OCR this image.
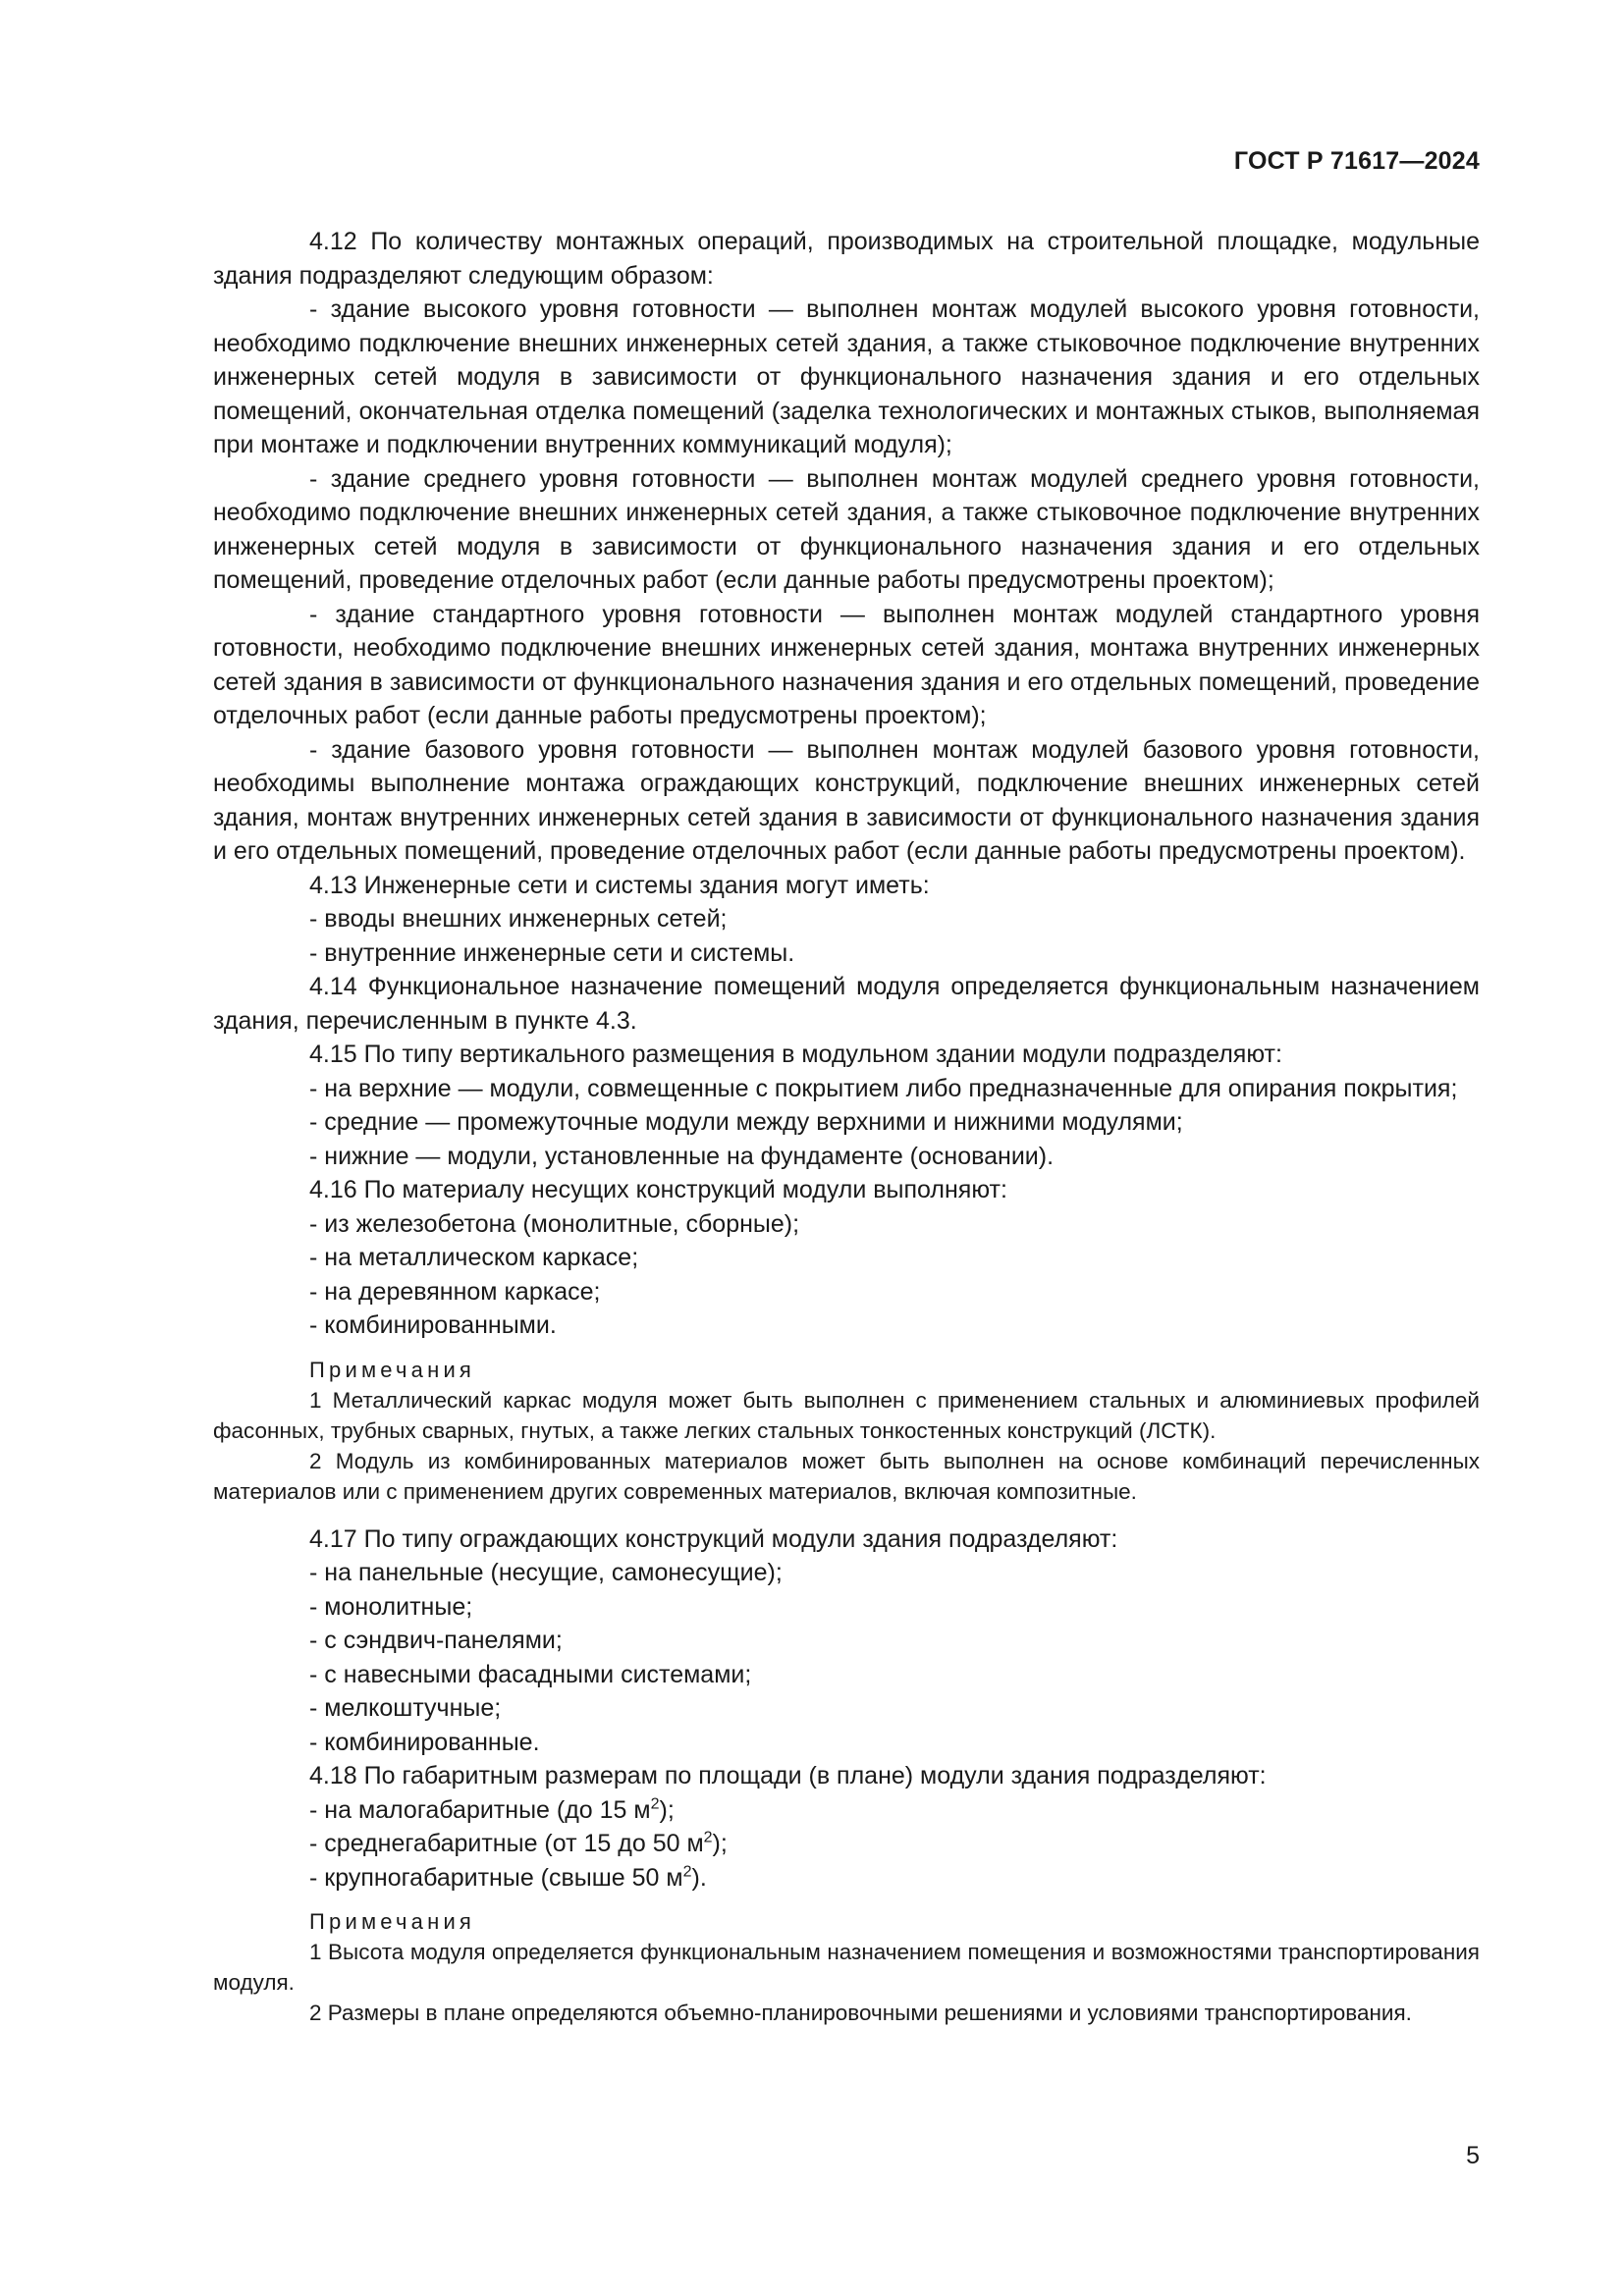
ГОСТ Р 71617—2024

4.12 По количеству монтажных операций, производимых на строительной площадке, модульные здания подразделяют следующим образом:

- здание высокого уровня готовности — выполнен монтаж модулей высокого уровня готовности, необходимо подключение внешних инженерных сетей здания, а также стыковочное подключение внутренних инженерных сетей модуля в зависимости от функционального назначения здания и его отдельных помещений, окончательная отделка помещений (заделка технологических и монтажных стыков, выполняемая при монтаже и подключении внутренних коммуникаций модуля);

- здание среднего уровня готовности — выполнен монтаж модулей среднего уровня готовности, необходимо подключение внешних инженерных сетей здания, а также стыковочное подключение внутренних инженерных сетей модуля в зависимости от функционального назначения здания и его отдельных помещений, проведение отделочных работ (если данные работы предусмотрены проектом);

- здание стандартного уровня готовности — выполнен монтаж модулей стандартного уровня готовности, необходимо подключение внешних инженерных сетей здания, монтажа внутренних инженерных сетей здания в зависимости от функционального назначения здания и его отдельных помещений, проведение отделочных работ (если данные работы предусмотрены проектом);

- здание базового уровня готовности — выполнен монтаж модулей базового уровня готовности, необходимы выполнение монтажа ограждающих конструкций, подключение внешних инженерных сетей здания, монтаж внутренних инженерных сетей здания в зависимости от функционального назначения здания и его отдельных помещений, проведение отделочных работ (если данные работы предусмотрены проектом).

4.13 Инженерные сети и системы здания могут иметь:

- вводы внешних инженерных сетей;

- внутренние инженерные сети и системы.

4.14 Функциональное назначение помещений модуля определяется функциональным назначением здания, перечисленным в пункте 4.3.

4.15 По типу вертикального размещения в модульном здании модули подразделяют:

- на верхние — модули, совмещенные с покрытием либо предназначенные для опирания покрытия;

- средние — промежуточные модули между верхними и нижними модулями;

- нижние — модули, установленные на фундаменте (основании).

4.16 По материалу несущих конструкций модули выполняют:

- из железобетона (монолитные, сборные);

- на металлическом каркасе;

- на деревянном каркасе;

- комбинированными.

Примечания

1 Металлический каркас модуля может быть выполнен с применением стальных и алюминиевых профилей фасонных, трубных сварных, гнутых, а также легких стальных тонкостенных конструкций (ЛСТК).

2 Модуль из комбинированных материалов может быть выполнен на основе комбинаций перечисленных материалов или с применением других современных материалов, включая композитные.

4.17 По типу ограждающих конструкций модули здания подразделяют:

- на панельные (несущие, самонесущие);

- монолитные;

- с сэндвич-панелями;

- с навесными фасадными системами;

- мелкоштучные;

- комбинированные.

4.18 По габаритным размерам по площади (в плане) модули здания подразделяют:

- на малогабаритные (до 15 $м^2$);

- среднегабаритные (от 15 до 50 $м^2$);

- крупногабаритные (свыше 50 $м^2$).

Примечания

1 Высота модуля определяется функциональным назначением помещения и возможностями транспортирования модуля.

2 Размеры в плане определяются объемно-планировочными решениями и условиями транспортирования.

5
